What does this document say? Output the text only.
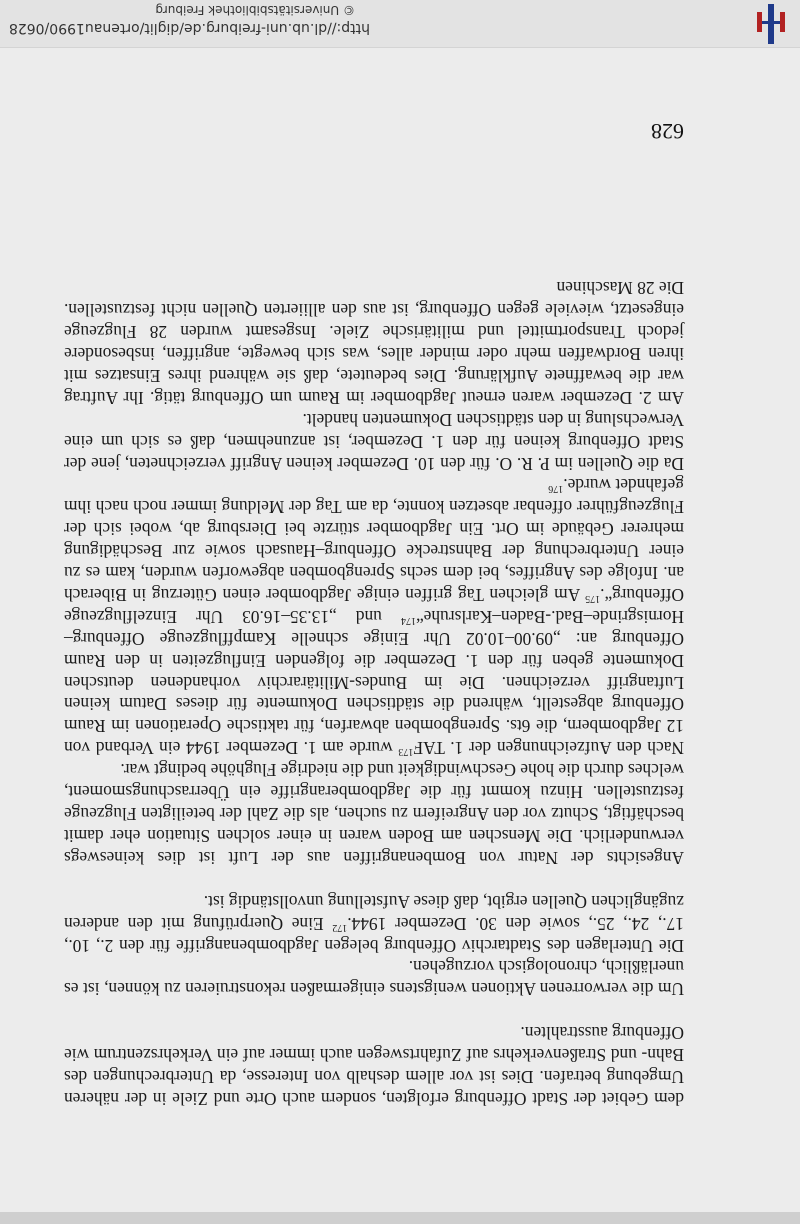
http://dl.ub.uni-freiburg.de/diglit/ortenau1990/0628
© Universitätsbibliothek Freiburg
628

dem Gebiet der Stadt Offenburg erfolgten, sondern auch Orte und Ziele in der näheren Umgebung betrafen. Dies ist vor allem deshalb von Interesse, da Unterbrechungen des Bahn- und Straßenverkehrs auf Zufahrtswegen auch immer auf ein Verkehrszentrum wie Offenburg ausstrahlten.

Um die verworrenen Aktionen wenigstens einigermaßen rekonstruieren zu können, ist es unerläßlich, chronologisch vorzugehen.

Die Unterlagen des Stadtarchiv Offenburg belegen Jagdbombenangriffe für den 2., 10., 17., 24., 25., sowie den 30. Dezember 1944.$^{172}$ Eine Querprüfung mit den anderen zugänglichen Quellen ergibt, daß diese Aufstellung unvollständig ist.

Angesichts der Natur von Bombenangriffen aus der Luft ist dies keineswegs verwunderlich. Die Menschen am Boden waren in einer solchen Situation eher damit beschäftigt, Schutz vor den Angreifern zu suchen, als die Zahl der beteiligten Flugzeuge festzustellen. Hinzu kommt für die Jagdbomberangriffe ein Überraschungsmoment, welches durch die hohe Geschwindigkeit und die niedrige Flughöhe bedingt war.

Nach den Aufzeichnungen der 1. TAF$^{173}$ wurde am 1. Dezember 1944 ein Verband von 12 Jagdbombern, die 6ts. Sprengbomben abwarfen, für taktische Operationen im Raum Offenburg abgestellt, während die städtischen Dokumente für dieses Datum keinen Luftangriff verzeichnen. Die im Bundes-Militärarchiv vorhandenen deutschen Dokumente geben für den 1. Dezember die folgenden Einflugzeiten in den Raum Offenburg an: „09.00–10.02 Uhr Einige schnelle Kampfflugzeuge Offenburg–Hornisgrinde–Bad.-Baden–Karlsruhe“$^{174}$ und „13.35–16.03 Uhr Einzelflugzeuge Offenburg“.$^{175}$ Am gleichen Tag griffen einige Jagdbomber einen Güterzug in Biberach an. Infolge des Angriffes, bei dem sechs Sprengbomben abgeworfen wurden, kam es zu einer Unterbrechung der Bahnstrecke Offenburg–Hausach sowie zur Beschädigung mehrerer Gebäude im Ort. Ein Jagdbomber stürzte bei Diersburg ab, wobei sich der Flugzeugführer offenbar absetzen konnte, da am Tag der Meldung immer noch nach ihm gefahndet wurde.$^{176}$

Da die Quellen im P. R. O. für den 10. Dezember keinen Angriff verzeichneten, jene der Stadt Offenburg keinen für den 1. Dezember, ist anzunehmen, daß es sich um eine Verwechslung in den städtischen Dokumenten handelt.

Am 2. Dezember waren erneut Jagdbomber im Raum um Offenburg tätig. Ihr Auftrag war die bewaffnete Aufklärung. Dies bedeutete, daß sie während ihres Einsatzes mit ihren Bordwaffen mehr oder minder alles, was sich bewegte, angriffen, insbesondere jedoch Transportmittel und militärische Ziele. Insgesamt wurden 28 Flugzeuge eingesetzt, wieviele gegen Offenburg, ist aus den alliierten Quellen nicht festzustellen. Die 28 Maschinen
